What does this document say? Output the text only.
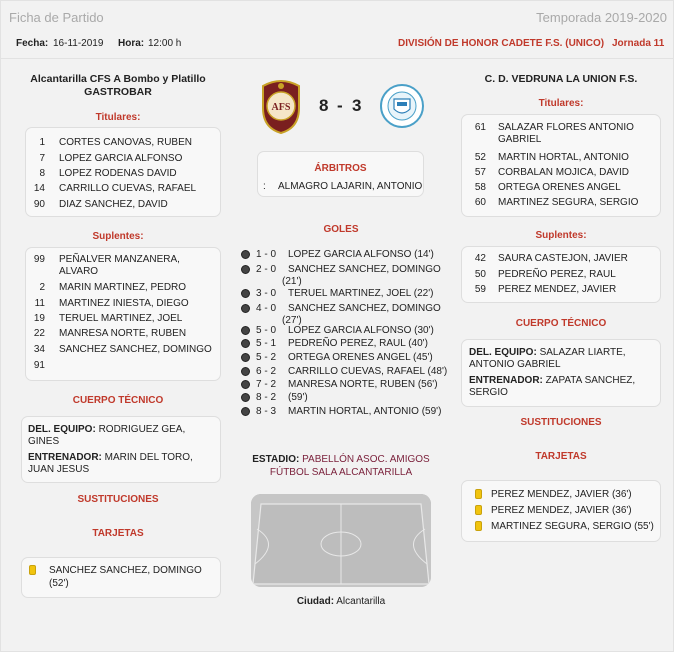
Ficha de Partido	Temporada 2019-2020
Fecha: 16-11-2019 Hora: 12:00 h	DIVISIÓN DE HONOR CADETE F.S. (UNICO) Jornada 11
Alcantarilla CFS A Bombo y Platillo GASTROBAR
Titulares:
1 CORTES CANOVAS, RUBEN
7 LOPEZ GARCIA ALFONSO
8 LOPEZ RODENAS DAVID
14 CARRILLO CUEVAS, RAFAEL
90 DIAZ SANCHEZ, DAVID
Suplentes:
99 PEÑALVER MANZANERA,
ALVARO
2 MARIN MARTINEZ, PEDRO
11 MARTINEZ INIESTA, DIEGO
19 TERUEL MARTINEZ, JOEL
22 MANRESA NORTE, RUBEN
34 SANCHEZ SANCHEZ, DOMINGO
91
CUERPO TÉCNICO
DEL. EQUIPO: RODRIGUEZ GEA,
GINES
ENTRENADOR: MARIN DEL TORO,
JUAN JESUS
SUSTITUCIONES
TARJETAS
SANCHEZ SANCHEZ, DOMINGO
(52')
AFS 8 - 3
ÁRBITROS
: ALMAGRO LAJARIN, ANTONIO
GOLES
1 - 0 LOPEZ GARCIA ALFONSO (14')
2 - 0 SANCHEZ SANCHEZ, DOMINGO
(21')
3 - 0 TERUEL MARTINEZ, JOEL (22')
4 - 0 SANCHEZ SANCHEZ, DOMINGO
(27')
5 - 0 LOPEZ GARCIA ALFONSO (30')
5 - 1 PEDREÑO PEREZ, RAUL (40')
5 - 2 ORTEGA ORENES ANGEL (45')
6 - 2 CARRILLO CUEVAS, RAFAEL (48')
7 - 2 MANRESA NORTE, RUBEN (56')
8 - 2 (59')
8 - 3 MARTIN HORTAL, ANTONIO (59')
ESTADIO: PABELLÓN ASOC. AMIGOS
FÚTBOL SALA ALCANTARILLA
Ciudad: Alcantarilla
C. D. VEDRUNA LA UNION F.S.
Titulares:
61 SALAZAR FLORES ANTONIO
GABRIEL
52 MARTIN HORTAL, ANTONIO
57 CORBALAN MOJICA, DAVID
58 ORTEGA ORENES ANGEL
60 MARTINEZ SEGURA, SERGIO
Suplentes:
42 SAURA CASTEJON, JAVIER
50 PEDREÑO PEREZ, RAUL
59 PEREZ MENDEZ, JAVIER
CUERPO TÉCNICO
DEL. EQUIPO: SALAZAR LIARTE,
ANTONIO GABRIEL
ENTRENADOR: ZAPATA SANCHEZ,
SERGIO
SUSTITUCIONES
TARJETAS
PEREZ MENDEZ, JAVIER (36')
PEREZ MENDEZ, JAVIER (36')
MARTINEZ SEGURA, SERGIO (55')
